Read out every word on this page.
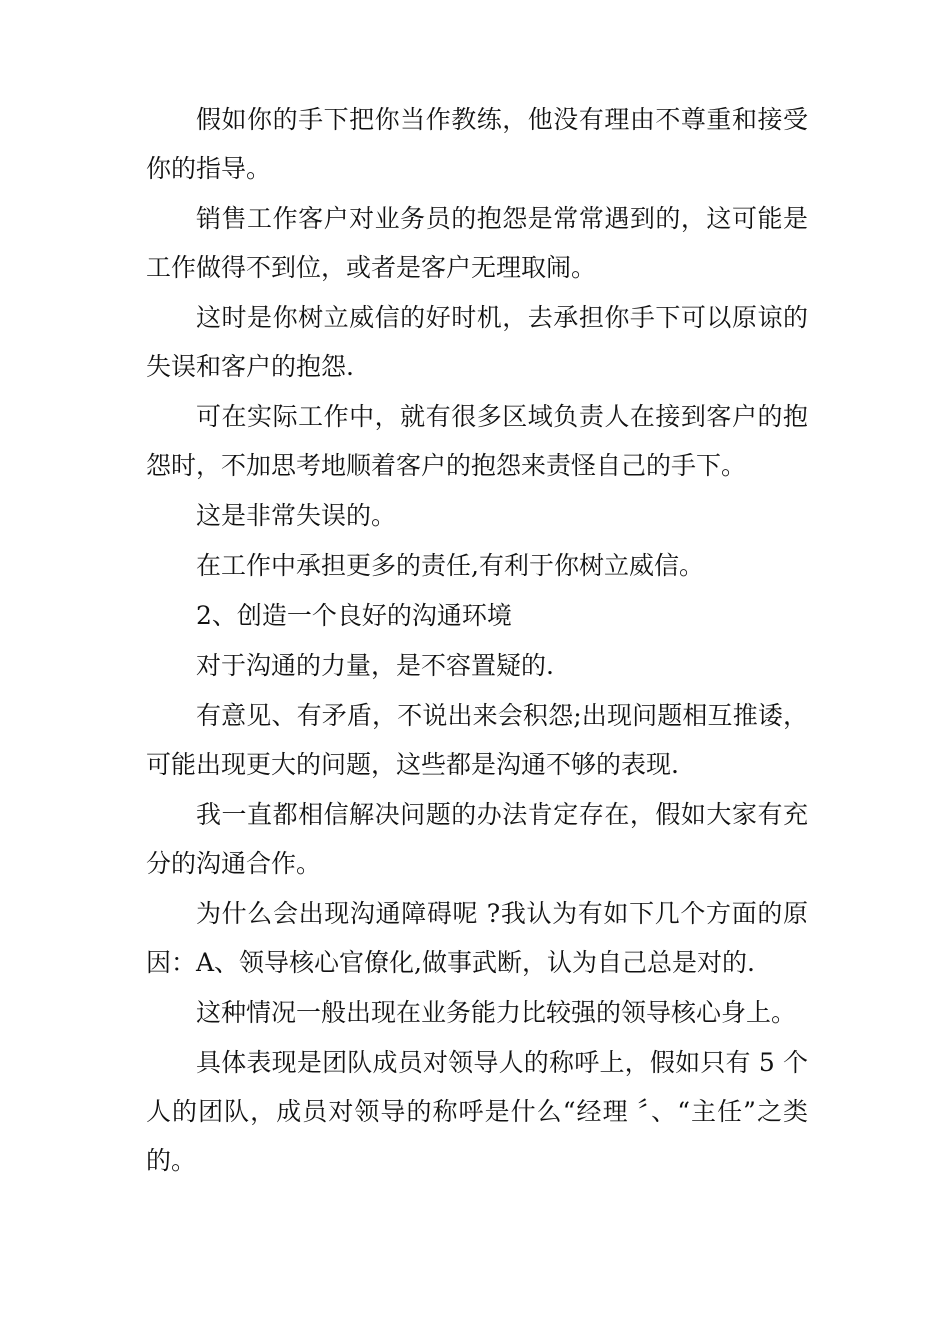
假如你的手下把你当作教练，他没有理由不尊重和接受你的指导。

销售工作客户对业务员的抱怨是常常遇到的，这可能是工作做得不到位，或者是客户无理取闹。

这时是你树立威信的好时机，去承担你手下可以原谅的失误和客户的抱怨.

可在实际工作中，就有很多区域负责人在接到客户的抱怨时，不加思考地顺着客户的抱怨来责怪自己的手下。

这是非常失误的。

在工作中承担更多的责任,有利于你树立威信。

2、创造一个良好的沟通环境

对于沟通的力量，是不容置疑的.

有意见、有矛盾，不说出来会积怨;出现问题相互推诿，可能出现更大的问题，这些都是沟通不够的表现.

我一直都相信解决问题的办法肯定存在，假如大家有充分的沟通合作。

为什么会出现沟通障碍呢 ?我认为有如下几个方面的原因：A、领导核心官僚化,做事武断，认为自己总是对的.

这种情况一般出现在业务能力比较强的领导核心身上。

具体表现是团队成员对领导人的称呼上，假如只有 5 个人的团队，成员对领导的称呼是什么“经理 〞、“主任”之类的。
